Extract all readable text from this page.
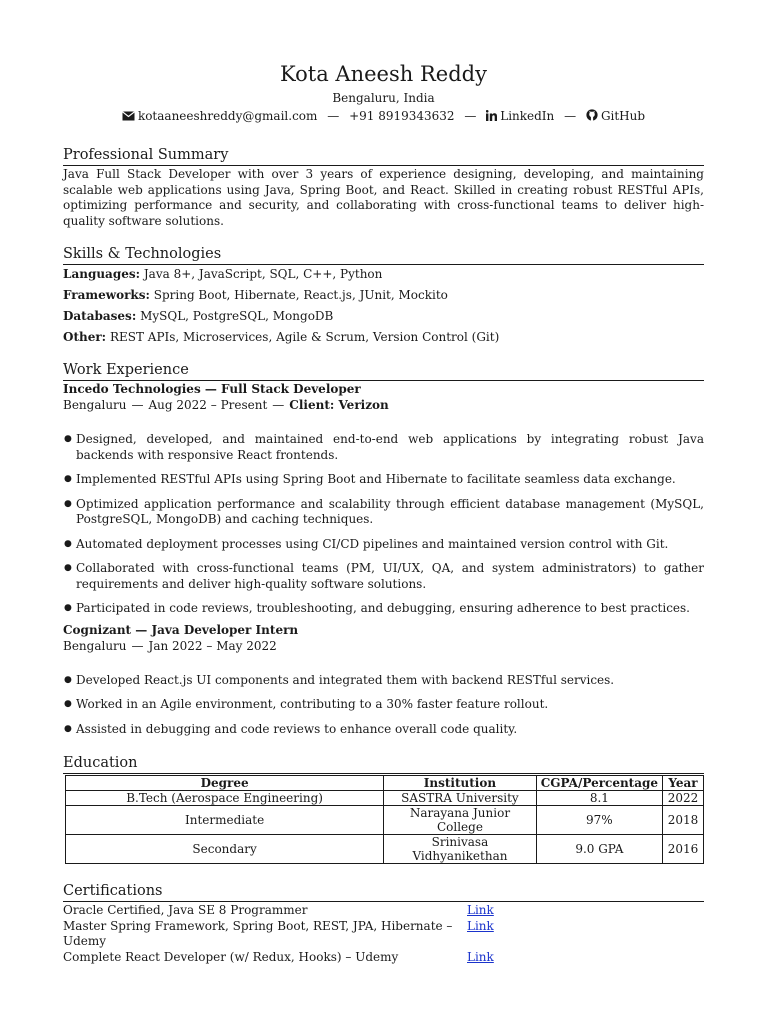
Kota Aneesh Reddy
Bengaluru, India
kotaaneeshreddy@gmail.com — +91 8919343632 — LinkedIn — GitHub
Professional Summary
Java Full Stack Developer with over 3 years of experience designing, developing, and maintaining scalable web applications using Java, Spring Boot, and React. Skilled in creating robust RESTful APIs, optimizing performance and security, and collaborating with cross-functional teams to deliver high-quality software solutions.
Skills & Technologies
Languages: Java 8+, JavaScript, SQL, C++, Python
Frameworks: Spring Boot, Hibernate, React.js, JUnit, Mockito
Databases: MySQL, PostgreSQL, MongoDB
Other: REST APIs, Microservices, Agile & Scrum, Version Control (Git)
Work Experience
Incedo Technologies — Full Stack Developer
Bengaluru — Aug 2022 – Present — Client: Verizon
● Designed, developed, and maintained end-to-end web applications by integrating robust Java backends with responsive React frontends.
● Implemented RESTful APIs using Spring Boot and Hibernate to facilitate seamless data exchange.
● Optimized application performance and scalability through efficient database management (MySQL, PostgreSQL, MongoDB) and caching techniques.
● Automated deployment processes using CI/CD pipelines and maintained version control with Git.
● Collaborated with cross-functional teams (PM, UI/UX, QA, and system administrators) to gather requirements and deliver high-quality software solutions.
● Participated in code reviews, troubleshooting, and debugging, ensuring adherence to best practices.
Cognizant — Java Developer Intern
Bengaluru — Jan 2022 – May 2022
● Developed React.js UI components and integrated them with backend RESTful services.
● Worked in an Agile environment, contributing to a 30% faster feature rollout.
● Assisted in debugging and code reviews to enhance overall code quality.
Education
Degree	Institution	CGPA/Percentage	Year
B.Tech (Aerospace Engineering)	SASTRA University	8.1	2022
Intermediate	Narayana Junior College	97%	2018
Secondary	Srinivasa Vidhyanikethan	9.0 GPA	2016
Certifications
Oracle Certified, Java SE 8 Programmer	Link
Master Spring Framework, Spring Boot, REST, JPA, Hibernate – Udemy
Link
Complete React Developer (w/ Redux, Hooks) – Udemy	Link
